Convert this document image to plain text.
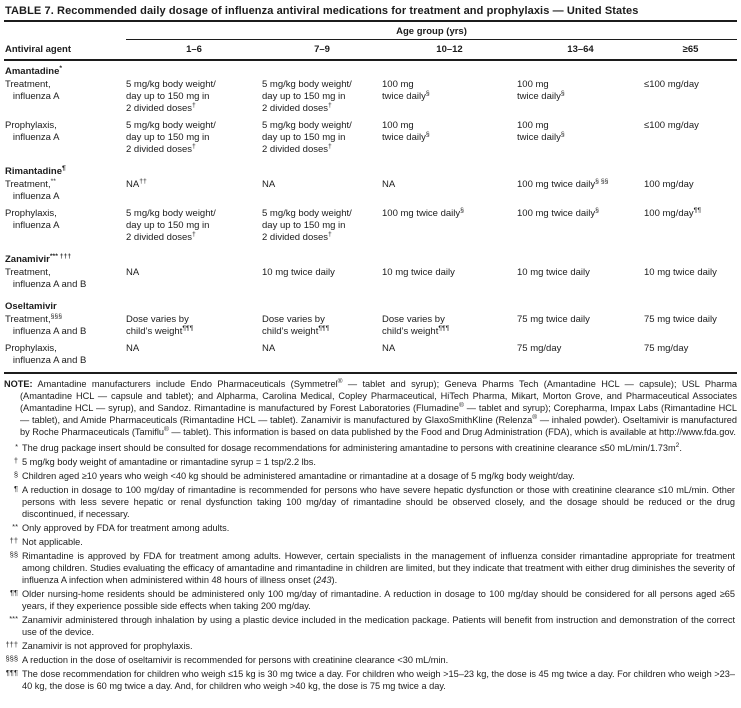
TABLE 7. Recommended daily dosage of influenza antiviral medications for treatment and prophylaxis — United States
	Age group (yrs)				
Antiviral agent	1–6	7–9	10–12	13–64	≥65
Amantadine*
Treatment,
influenza A	5 mg/kg body weight/
day up to 150 mg in
2 divided doses†	5 mg/kg body weight/
day up to 150 mg in
2 divided doses†	100 mg
twice daily§	100 mg
twice daily§	≤100 mg/day
Prophylaxis,
influenza A	5 mg/kg body weight/
day up to 150 mg in
2 divided doses†	5 mg/kg body weight/
day up to 150 mg in
2 divided doses†	100 mg
twice daily§	100 mg
twice daily§	≤100 mg/day
Rimantadine¶
Treatment,**
influenza A	NA††	NA	NA	100 mg twice daily§ §§	100 mg/day
Prophylaxis,
influenza A	5 mg/kg body weight/
day up to 150 mg in
2 divided doses†	5 mg/kg body weight/
day up to 150 mg in
2 divided doses†	100 mg twice daily§	100 mg twice daily§	100 mg/day¶¶
Zanamivir*** †††
Treatment,
influenza A and B	NA	10 mg twice daily	10 mg twice daily	10 mg twice daily	10 mg twice daily
Oseltamivir					
Treatment,§§§
influenza A and B	Dose varies by
child’s weight¶¶¶	Dose varies by
child’s weight¶¶¶	Dose varies by
child’s weight¶¶¶	75 mg twice daily	75 mg twice daily
Prophylaxis,
influenza A and B	NA	NA	NA	75 mg/day	75 mg/day
NOTE: Amantadine manufacturers include Endo Pharmaceuticals (Symmetrel® — tablet and syrup); Geneva Pharms Tech (Amantadine HCL — capsule); USL Pharma (Amantadine HCL — capsule and tablet); and Alpharma, Carolina Medical, Copley Pharmaceutical, HiTech Pharma, Mikart, Morton Grove, and Pharmaceutical Associates (Amantadine HCL — syrup), and Sandoz. Rimantadine is manufactured by Forest Laboratories (Flumadine® — tablet and syrup); Corepharma, Impax Labs (Rimantadine HCL — tablet), and Amide Pharmaceuticals (Rimantadine HCL — tablet). Zanamivir is manufactured by GlaxoSmithKline (Relenza® — inhaled powder). Oseltamivir is manufactured by Roche Pharmaceuticals (Tamiflu® — tablet). This information is based on data published by the Food and Drug Administration (FDA), which is available at http://www.fda.gov.
* The drug package insert should be consulted for dosage recommendations for administering amantadine to persons with creatinine clearance ≤50 $mL/\min/1.73m^2$.
† 5 mg/kg body weight of amantadine or rimantadine syrup = 1 tsp/2.2 lbs.
§ Children aged ≥10 years who weigh <40 kg should be administered amantadine or rimantadine at a dosage of 5 mg/kg body weight/day.
¶ A reduction in dosage to 100 mg/day of rimantadine is recommended for persons who have severe hepatic dysfunction or those with creatinine clearance ≤10 mL/min. Other persons with less severe hepatic or renal dysfunction taking 100 mg/day of rimantadine should be observed closely, and the dosage should be reduced or the drug discontinued, if necessary.
** Only approved by FDA for treatment among adults.
†† Not applicable.
§§ Rimantadine is approved by FDA for treatment among adults. However, certain specialists in the management of influenza consider rimantadine appropriate for treatment among children. Studies evaluating the efficacy of amantadine and rimantadine in children are limited, but they indicate that treatment with either drug diminishes the severity of influenza A infection when administered within 48 hours of illness onset (243).
¶¶ Older nursing-home residents should be administered only 100 mg/day of rimantadine. A reduction in dosage to 100 mg/day should be considered for all persons aged ≥65 years, if they experience possible side effects when taking 200 mg/day.
*** Zanamivir administered through inhalation by using a plastic device included in the medication package. Patients will benefit from instruction and demonstration of the correct use of the device.
††† Zanamivir is not approved for prophylaxis.
§§§ A reduction in the dose of oseltamivir is recommended for persons with creatinine clearance <30 mL/min.
¶¶¶ The dose recommendation for children who weigh ≤15 kg is 30 mg twice a day. For children who weigh >15–23 kg, the dose is 45 mg twice a day. For children who weigh >23–40 kg, the dose is 60 mg twice a day. And, for children who weigh >40 kg, the dose is 75 mg twice a day.
